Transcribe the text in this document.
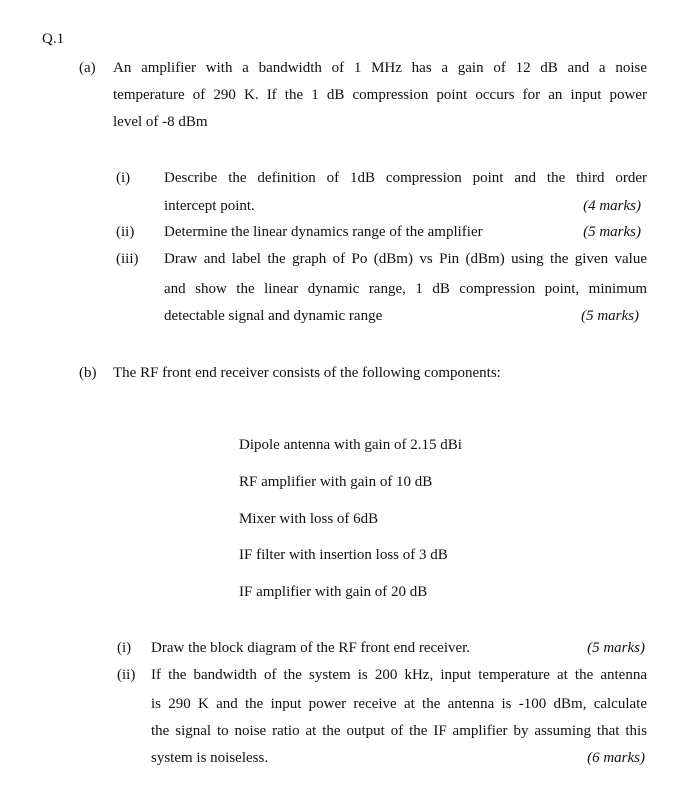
Q.1
(a) An amplifier with a bandwidth of 1 MHz has a gain of 12 dB and a noise
temperature of 290 K. If the 1 dB compression point occurs for an input power
level of -8 dBm
(i) Describe the definition of 1dB compression point and the third order
intercept point.	(4 marks)
(ii) Determine the linear dynamics range of the amplifier	(5 marks)
(iii) Draw and label the graph of Po (dBm) vs Pin (dBm) using the given value
and show the linear dynamic range, 1 dB compression point, minimum
detectable signal and dynamic range	(5 marks)
(b) The RF front end receiver consists of the following components:
Dipole antenna with gain of 2.15 dBi
RF amplifier with gain of 10 dB
Mixer with loss of 6dB
IF filter with insertion loss of 3 dB
IF amplifier with gain of 20 dB
(i) Draw the block diagram of the RF front end receiver.	(5 marks)
(ii) If the bandwidth of the system is 200 kHz, input temperature at the antenna
is 290 K and the input power receive at the antenna is -100 dBm, calculate
the signal to noise ratio at the output of the IF amplifier by assuming that this
system is noiseless.	(6 marks)
